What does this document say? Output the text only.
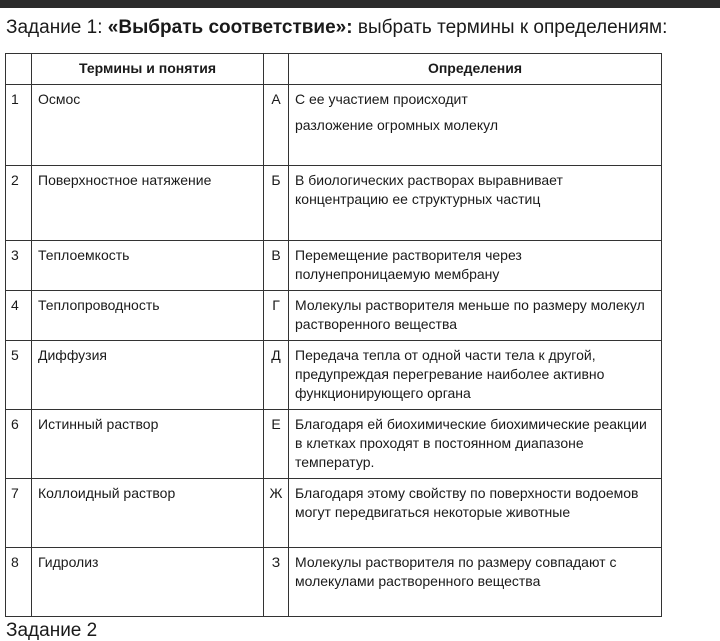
Задание 1: «Выбрать соответствие»: выбрать термины к определениям:
	Термины и понятия		Определения
1	Осмос	А	С ее участием происходит
разложение огромных молекул

2	Поверхностное натяжение	Б	В биологических растворах выравнивает концентрацию ее структурных частиц
3	Теплоемкость	В	Перемещение растворителя через полунепроницаемую мембрану
4	Теплопроводность	Г	Молекулы растворителя меньше по размеру молекул растворенного вещества
5	Диффузия	Д	Передача тепла от одной части тела к другой, предупреждая перегревание наиболее активно функционирующего органа
6	Истинный раствор	Е	Благодаря ей биохимические биохимические реакции в клетках проходят в постоянном диапазоне температур.
7	Коллоидный раствор	Ж	Благодаря этому свойству по поверхности водоемов могут передвигаться некоторые животные
8	Гидролиз	З	Молекулы растворителя по размеру совпадают с молекулами растворенного вещества
Задание 2
